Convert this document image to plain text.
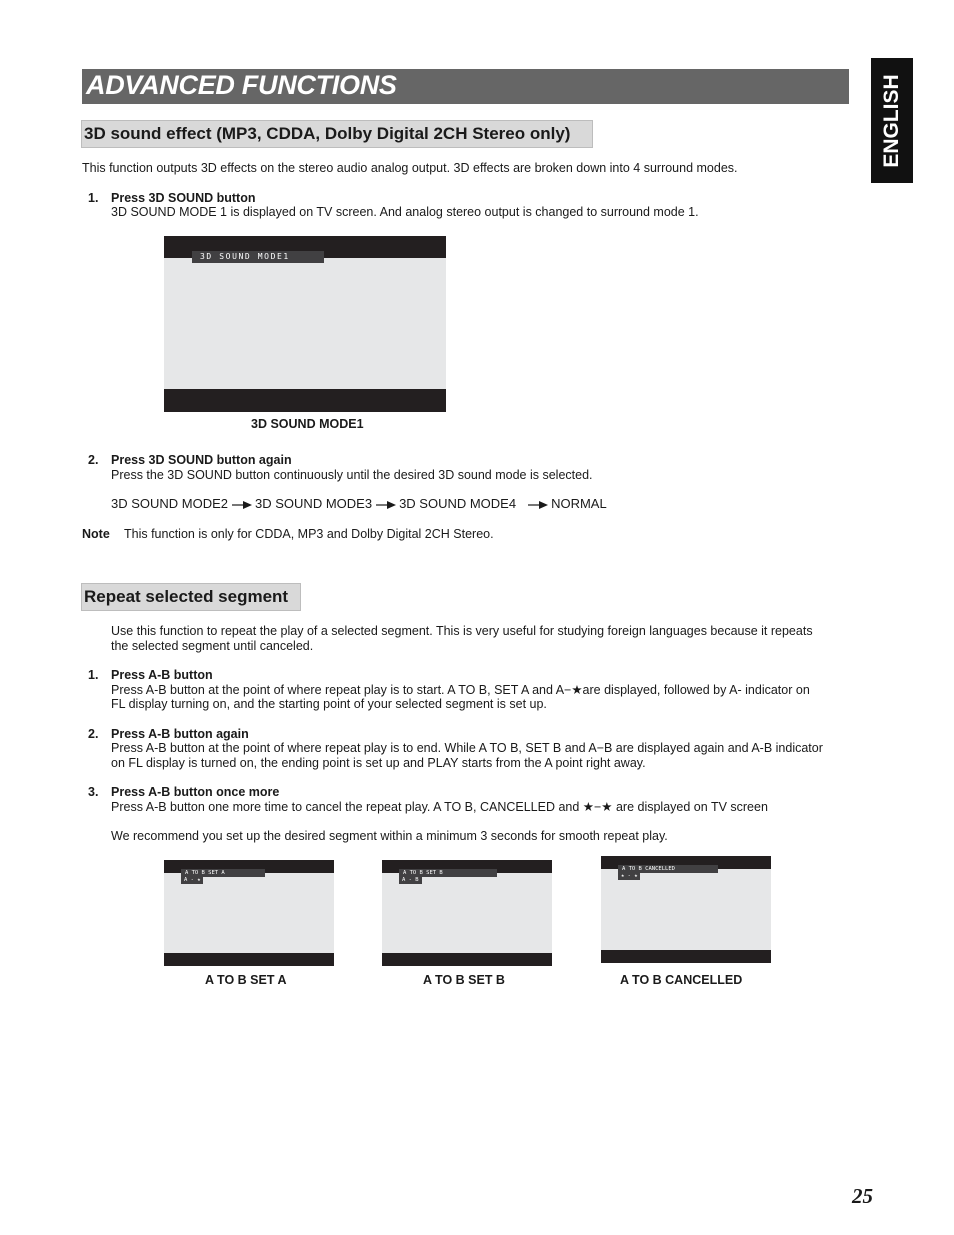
ADVANCED FUNCTIONS	ENGLISH
3D sound effect (MP3, CDDA, Dolby Digital 2CH Stereo only)
This function outputs 3D effects on the stereo audio analog output. 3D effects are broken down into 4 surround modes.
1. Press 3D SOUND button
3D SOUND MODE 1 is displayed on TV screen. And analog stereo output is changed to surround mode 1.
3D SOUND MODE1
3D SOUND MODE1
2. Press 3D SOUND button again
Press the 3D SOUND button continuously until the desired 3D sound mode is selected.
3D SOUND MODE2 3D SOUND MODE3 3D SOUND MODE4	NORMAL
Note This function is only for CDDA, MP3 and Dolby Digital 2CH Stereo.
Repeat selected segment
Use this function to repeat the play of a selected segment. This is very useful for studying foreign languages because it repeats
the selected segment until canceled.
1. Press A-B button
Press A-B button at the point of where repeat play is to start. A TO B, SET A and A−★are displayed, followed by A- indicator on
FL display turning on, and the starting point of your selected segment is set up.
2. Press A-B button again
Press A-B button at the point of where repeat play is to end. While A TO B, SET B and A−B are displayed again and A-B indicator
on FL display is turned on, the ending point is set up and PLAY starts from the A point right away.
3. Press A-B button once more
Press A-B button one more time to cancel the repeat play. A TO B, CANCELLED and ★−★ are displayed on TV screen
We recommend you set up the desired segment within a minimum 3 seconds for smooth repeat play.
A TO B SET A
A - ★
A TO B SET A
A TO B SET B
A - B
A TO B SET B
A TO B CANCELLED
★ - ★
A TO B CANCELLED
25
